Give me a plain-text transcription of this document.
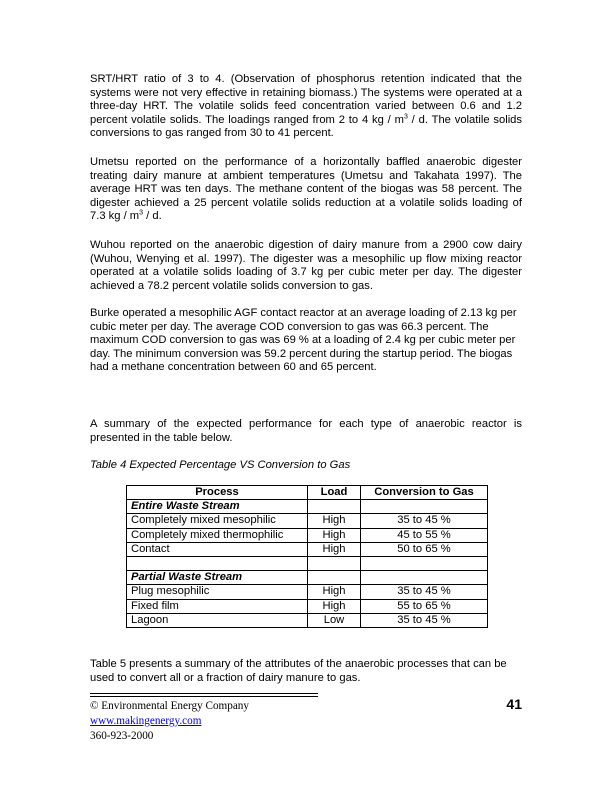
SRT/HRT ratio of 3 to 4. (Observation of phosphorus retention indicated that the systems were not very effective in retaining biomass.) The systems were operated at a three-day HRT. The volatile solids feed concentration varied between 0.6 and 1.2 percent volatile solids. The loadings ranged from 2 to 4 kg / $m^3$ / d. The volatile solids conversions to gas ranged from 30 to 41 percent.

Umetsu reported on the performance of a horizontally baffled anaerobic digester treating dairy manure at ambient temperatures (Umetsu and Takahata 1997). The average HRT was ten days. The methane content of the biogas was 58 percent. The digester achieved a 25 percent volatile solids reduction at a volatile solids loading of 7.3 kg / $m^3$ / d.

Wuhou reported on the anaerobic digestion of dairy manure from a 2900 cow dairy (Wuhou, Wenying et al. 1997). The digester was a mesophilic up flow mixing reactor operated at a volatile solids loading of 3.7 kg per cubic meter per day. The digester achieved a 78.2 percent volatile solids conversion to gas.

Burke operated a mesophilic AGF contact reactor at an average loading of 2.13 kg per cubic meter per day. The average COD conversion to gas was 66.3 percent. The maximum COD conversion to gas was 69 % at a loading of 2.4 kg per cubic meter per day. The minimum conversion was 59.2 percent during the startup period. The biogas had a methane concentration between 60 and 65 percent.

A summary of the expected performance for each type of anaerobic reactor is presented in the table below.

Table 4 Expected Percentage VS Conversion to Gas
Process	Load	Conversion to Gas
Entire Waste Stream		
Completely mixed mesophilic	High	35 to 45 %
Completely mixed thermophilic	High	45 to 55 %
Contact	High	50 to 65 %

Partial Waste Stream		
Plug mesophilic	High	35 to 45 %
Fixed film	High	55 to 65 %
Lagoon	Low	35 to 45 %

Table 5 presents a summary of the attributes of the anaerobic processes that can be used to convert all or a fraction of dairy manure to gas.

© Environmental Energy Company
www.makingenergy.com
360-923-2000
41
